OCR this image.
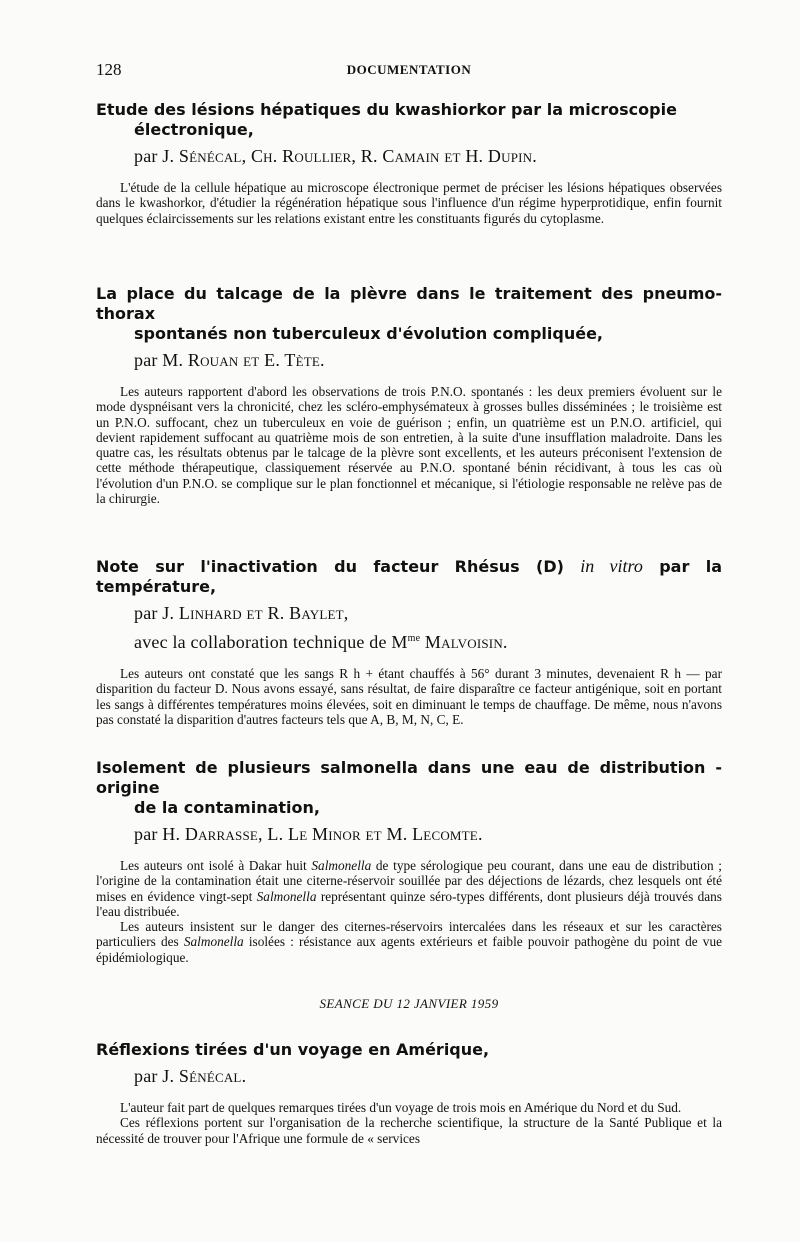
128	DOCUMENTATION
Etude des lésions hépatiques du kwashiorkor par la microscopie
électronique,
par J. Sénécal, Ch. Roullier, R. Camain et H. Dupin.

L'étude de la cellule hépatique au microscope électronique permet de préciser les lésions hépatiques observées dans le kwashorkor, d'étudier la régénération hépatique sous l'influence d'un régime hyperprotidique, enfin fournit quelques éclaircissements sur les relations existant entre les constituants figurés du cytoplasme.

La place du talcage de la plèvre dans le traitement des pneumo-thorax
spontanés non tuberculeux d'évolution compliquée,
par M. Rouan et E. Tète.

Les auteurs rapportent d'abord les observations de trois P.N.O. spontanés : les deux premiers évoluent sur le mode dyspnéisant vers la chronicité, chez les scléro-emphysémateux à grosses bulles disséminées ; le troisième est un P.N.O. suffocant, chez un tuberculeux en voie de guérison ; enfin, un quatrième est un P.N.O. artificiel, qui devient rapidement suffocant au quatrième mois de son entretien, à la suite d'une insufflation maladroite. Dans les quatre cas, les résultats obtenus par le talcage de la plèvre sont excellents, et les auteurs préconisent l'extension de cette méthode thérapeutique, classiquement réservée au P.N.O. spontané bénin récidivant, à tous les cas où l'évolution d'un P.N.O. se complique sur le plan fonctionnel et mécanique, si l'étiologie responsable ne relève pas de la chirurgie.

Note sur l'inactivation du facteur Rhésus (D) in vitro par la température,
par J. Linhard et R. Baylet,
avec la collaboration technique de $M^{me}$ Malvoisin.

Les auteurs ont constaté que les sangs R h + étant chauffés à 56° durant 3 minutes, devenaient R h — par disparition du facteur D. Nous avons essayé, sans résultat, de faire disparaître ce facteur antigénique, soit en portant les sangs à différentes températures moins élevées, soit en diminuant le temps de chauffage. De même, nous n'avons pas constaté la disparition d'autres facteurs tels que A, B, M, N, C, E.

Isolement de plusieurs salmonella dans une eau de distribution - origine
de la contamination,
par H. Darrasse, L. Le Minor et M. Lecomte.

Les auteurs ont isolé à Dakar huit Salmonella de type sérologique peu courant, dans une eau de distribution ; l'origine de la contamination était une citerne-réservoir souillée par des déjections de lézards, chez lesquels ont été mises en évidence vingt-sept Salmonella représentant quinze séro-types différents, dont plusieurs déjà trouvés dans l'eau distribuée.

Les auteurs insistent sur le danger des citernes-réservoirs intercalées dans les réseaux et sur les caractères particuliers des Salmonella isolées : résistance aux agents extérieurs et faible pouvoir pathogène du point de vue épidémiologique.

SEANCE DU 12 JANVIER 1959
Réflexions tirées d'un voyage en Amérique,
par J. Sénécal.

L'auteur fait part de quelques remarques tirées d'un voyage de trois mois en Amérique du Nord et du Sud.

Ces réflexions portent sur l'organisation de la recherche scientifique, la structure de la Santé Publique et la nécessité de trouver pour l'Afrique une formule de « services
